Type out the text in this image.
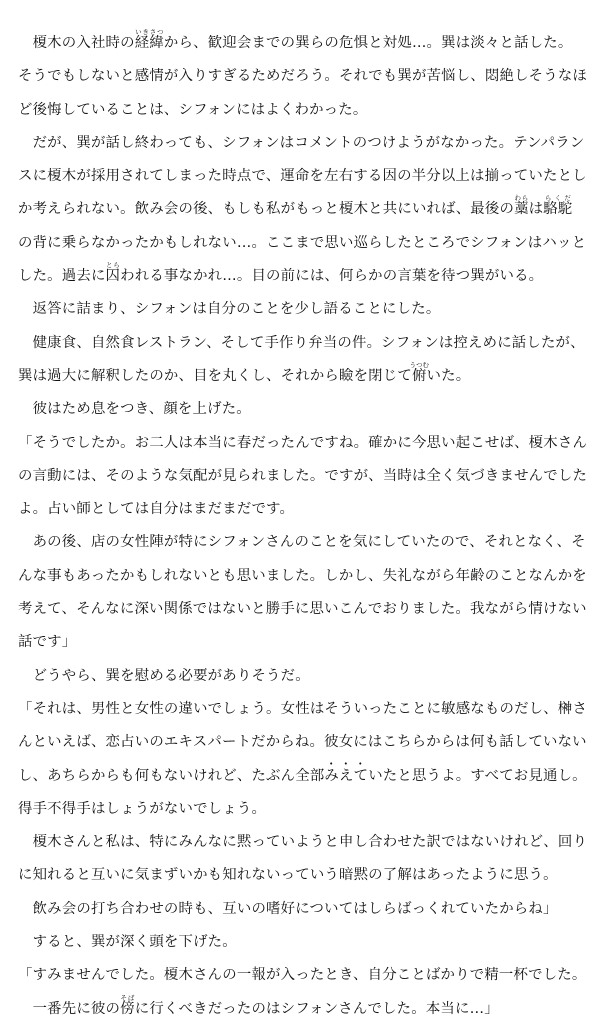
　榎木の入社時の経緯いきさつから、歓迎会までの巽らの危惧と対処…。巽は淡々と話した。
そうでもしないと感情が入りすぎるためだろう。それでも巽が苦悩し、悶絶しそうなほ
ど後悔していることは、シフォンにはよくわかった。
　だが、巽が話し終わっても、シフォンはコメントのつけようがなかった。テンパラン
スに榎木が採用されてしまった時点で、運命を左右する因の半分以上は揃っていたとし
か考えられない。飲み会の後、もしも私がもっと榎木と共にいれば、最後の藁わらは駱駝らくだ
の背に乗らなかったかもしれない…。ここまで思い巡らしたところでシフォンはハッと
した。過去に囚とらわれる事なかれ…。目の前には、何らかの言葉を待つ巽がいる。
　返答に詰まり、シフォンは自分のことを少し語ることにした。
　健康食、自然食レストラン、そして手作り弁当の件。シフォンは控えめに話したが、
巽は過大に解釈したのか、目を丸くし、それから瞼を閉じて俯うつむいた。
　彼はため息をつき、顔を上げた。
「そうでしたか。お二人は本当に春だったんですね。確かに今思い起こせば、榎木さん
の言動には、そのような気配が見られました。ですが、当時は全く気づきませんでした
よ。占い師としては自分はまだまだです。
　あの後、店の女性陣が特にシフォンさんのことを気にしていたので、それとなく、そ
んな事もあったかもしれないとも思いました。しかし、失礼ながら年齢のことなんかを
考えて、そんなに深い関係ではないと勝手に思いこんでおりました。我ながら情けない
話です」
　どうやら、巽を慰める必要がありそうだ。
「それは、男性と女性の違いでしょう。女性はそういったことに敏感なものだし、榊さ
んといえば、恋占いのエキスパートだからね。彼女にはこちらからは何も話していない
し、あちらからも何もないけれど、たぶん全部みえていたと思うよ。すべてお見通し。
得手不得手はしょうがないでしょう。
　榎木さんと私は、特にみんなに黙っていようと申し合わせた訳ではないけれど、回り
に知れると互いに気まずいかも知れないっていう暗黙の了解はあったように思う。
　飲み会の打ち合わせの時も、互いの嗜好についてはしらばっくれていたからね」
　すると、巽が深く頭を下げた。
「すみませんでした。榎木さんの一報が入ったとき、自分ことばかりで精一杯でした。
　一番先に彼の傍そばに行くべきだったのはシフォンさんでした。本当に…」
